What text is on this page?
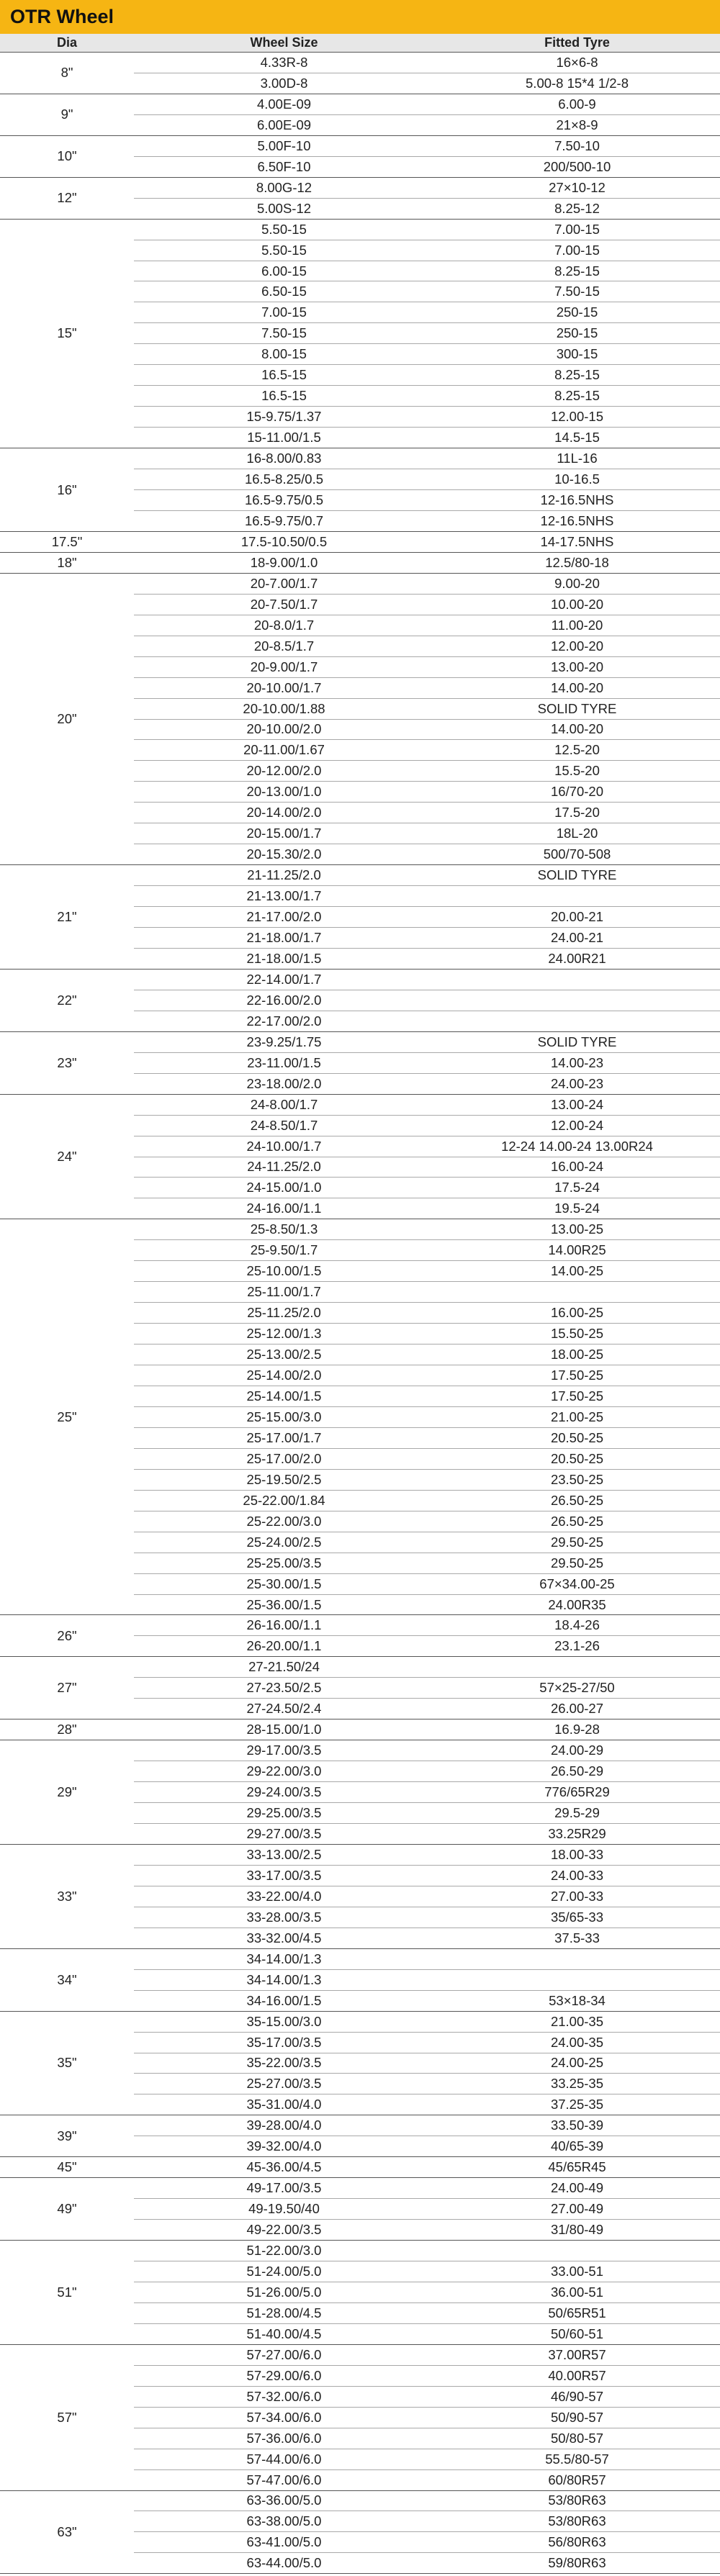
OTR Wheel
Dia	Wheel Size	Fitted Tyre
8"	4.33R-8	16×6-8
	3.00D-8	5.00-8 15*4 1/2-8
9"	4.00E-09	6.00-9
	6.00E-09	21×8-9
10"	5.00F-10	7.50-10
	6.50F-10	200/500-10
12"	8.00G-12	27×10-12
	5.00S-12	8.25-12
15"	5.50-15	7.00-15
	5.50-15	7.00-15
	6.00-15	8.25-15
	6.50-15	7.50-15
	7.00-15	250-15
	7.50-15	250-15
	8.00-15	300-15
	16.5-15	8.25-15
	16.5-15	8.25-15
	15-9.75/1.37	12.00-15
	15-11.00/1.5	14.5-15
16"	16-8.00/0.83	11L-16
	16.5-8.25/0.5	10-16.5
	16.5-9.75/0.5	12-16.5NHS
	16.5-9.75/0.7	12-16.5NHS
17.5"	17.5-10.50/0.5	14-17.5NHS
18"	18-9.00/1.0	12.5/80-18
20"	20-7.00/1.7	9.00-20
	20-7.50/1.7	10.00-20
	20-8.0/1.7	11.00-20
	20-8.5/1.7	12.00-20
	20-9.00/1.7	13.00-20
	20-10.00/1.7	14.00-20
	20-10.00/1.88	SOLID TYRE
	20-10.00/2.0	14.00-20
	20-11.00/1.67	12.5-20
	20-12.00/2.0	15.5-20
	20-13.00/1.0	16/70-20
	20-14.00/2.0	17.5-20
	20-15.00/1.7	18L-20
	20-15.30/2.0	500/70-508
21"	21-11.25/2.0	SOLID TYRE
	21-13.00/1.7	
	21-17.00/2.0	20.00-21
	21-18.00/1.7	24.00-21
	21-18.00/1.5	24.00R21
22"	22-14.00/1.7	
	22-16.00/2.0	
	22-17.00/2.0	
23"	23-9.25/1.75	SOLID TYRE
	23-11.00/1.5	14.00-23
	23-18.00/2.0	24.00-23
24"	24-8.00/1.7	13.00-24
	24-8.50/1.7	12.00-24
	24-10.00/1.7	12-24 14.00-24 13.00R24
	24-11.25/2.0	16.00-24
	24-15.00/1.0	17.5-24
	24-16.00/1.1	19.5-24
25"	25-8.50/1.3	13.00-25
	25-9.50/1.7	14.00R25
	25-10.00/1.5	14.00-25
	25-11.00/1.7	
	25-11.25/2.0	16.00-25
	25-12.00/1.3	15.50-25
	25-13.00/2.5	18.00-25
	25-14.00/2.0	17.50-25
	25-14.00/1.5	17.50-25
	25-15.00/3.0	21.00-25
	25-17.00/1.7	20.50-25
	25-17.00/2.0	20.50-25
	25-19.50/2.5	23.50-25
	25-22.00/1.84	26.50-25
	25-22.00/3.0	26.50-25
	25-24.00/2.5	29.50-25
	25-25.00/3.5	29.50-25
	25-30.00/1.5	67×34.00-25
	25-36.00/1.5	24.00R35
26"	26-16.00/1.1	18.4-26
	26-20.00/1.1	23.1-26
27"	27-21.50/24	
	27-23.50/2.5	57×25-27/50
	27-24.50/2.4	26.00-27
28"	28-15.00/1.0	16.9-28
29"	29-17.00/3.5	24.00-29
	29-22.00/3.0	26.50-29
	29-24.00/3.5	776/65R29
	29-25.00/3.5	29.5-29
	29-27.00/3.5	33.25R29
33"	33-13.00/2.5	18.00-33
	33-17.00/3.5	24.00-33
	33-22.00/4.0	27.00-33
	33-28.00/3.5	35/65-33
	33-32.00/4.5	37.5-33
34"	34-14.00/1.3	
	34-14.00/1.3	
	34-16.00/1.5	53×18-34
35"	35-15.00/3.0	21.00-35
	35-17.00/3.5	24.00-35
	35-22.00/3.5	24.00-25
	25-27.00/3.5	33.25-35
	35-31.00/4.0	37.25-35
39"	39-28.00/4.0	33.50-39
	39-32.00/4.0	40/65-39
45"	45-36.00/4.5	45/65R45
49"	49-17.00/3.5	24.00-49
	49-19.50/40	27.00-49
	49-22.00/3.5	31/80-49
51"	51-22.00/3.0	
	51-24.00/5.0	33.00-51
	51-26.00/5.0	36.00-51
	51-28.00/4.5	50/65R51
	51-40.00/4.5	50/60-51
57"	57-27.00/6.0	37.00R57
	57-29.00/6.0	40.00R57
	57-32.00/6.0	46/90-57
	57-34.00/6.0	50/90-57
	57-36.00/6.0	50/80-57
	57-44.00/6.0	55.5/80-57
	57-47.00/6.0	60/80R57
63"	63-36.00/5.0	53/80R63
	63-38.00/5.0	53/80R63
	63-41.00/5.0	56/80R63
	63-44.00/5.0	59/80R63
